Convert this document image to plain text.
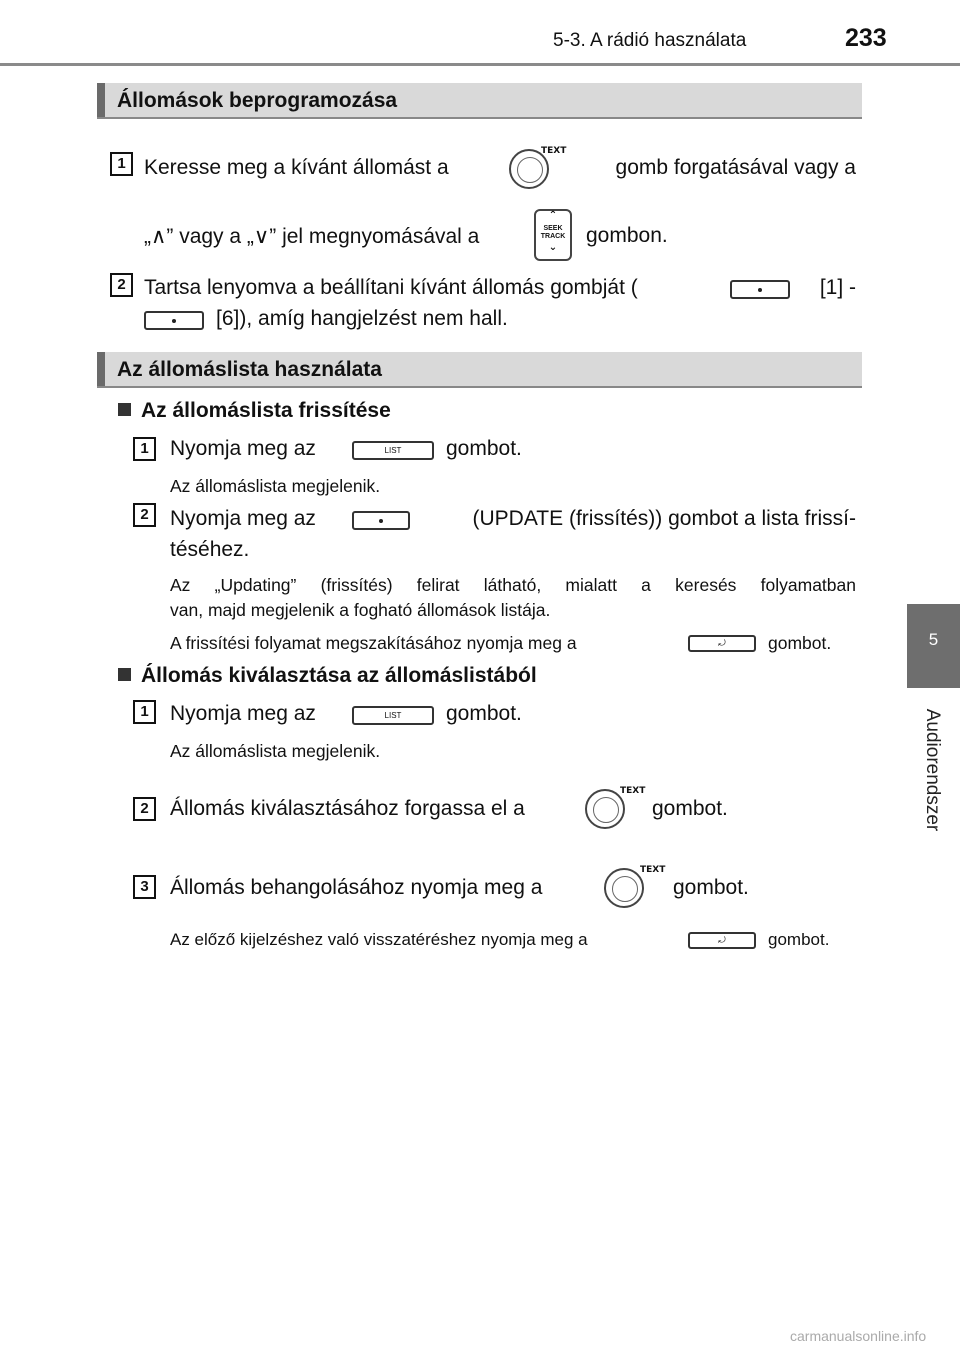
5-3. A rádió használata	233
5
Audiorendszer
Állomások beprogramozása
1 Keresse meg a kívánt állomást a
TEXT
gomb forgatásával vagy a
„∧” vagy a „∨” jel megnyomásával a
⌃
SEEK
TRACK
⌄
gombon.
2 Tartsa lenyomva a beállítani kívánt állomás gombját (	[1] -
[6]), amíg hangjelzést nem hall.
Az állomáslista használata
Az állomáslista frissítése
1	Nyomja meg az	LIST	gombot.
Az állomáslista megjelenik.
2	Nyomja meg az	(UPDATE (frissítés)) gombot a lista frissí-
téséhez.
Az „Updating” (frissítés) felirat látható, mialatt a keresés folyamatban
van, majd megjelenik a fogható állomások listája.
A frissítési folyamat megszakításához nyomja meg a	⤾	gombot.
Állomás kiválasztása az állomáslistából
1	Nyomja meg az	LIST	gombot.
Az állomáslista megjelenik.
2	Állomás kiválasztásához forgassa el a
TEXT
gombot.
3	Állomás behangolásához nyomja meg a
TEXT
gombot.
Az előző kijelzéshez való visszatéréshez nyomja meg a	⤾	gombot.
carmanualsonline.info
